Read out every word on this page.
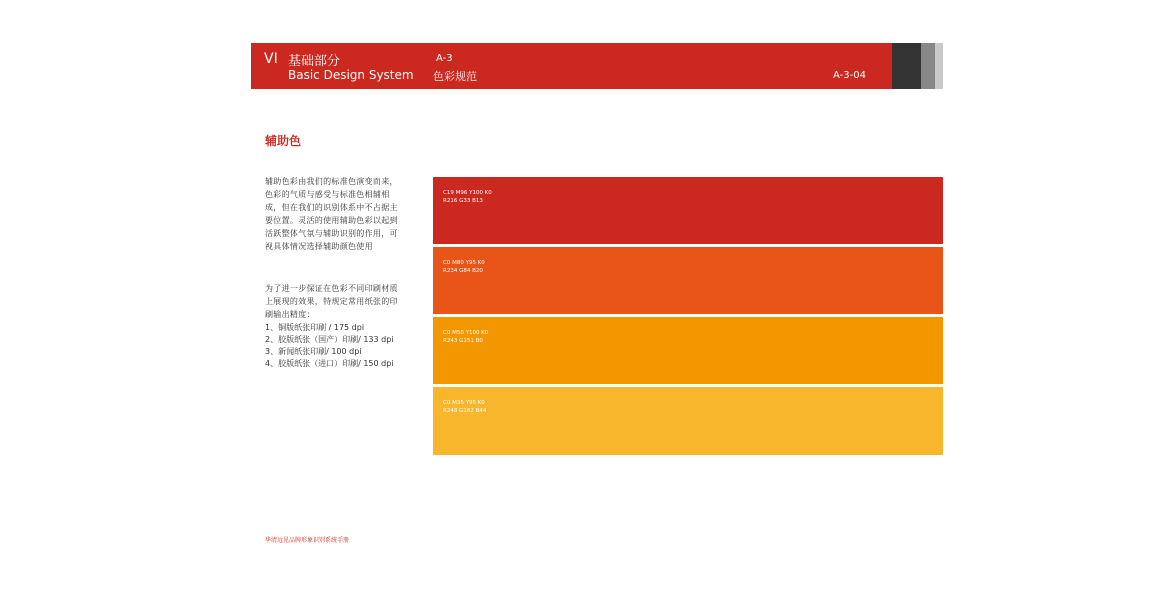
VI 基础部分
Basic Design System
A-3
色彩规范	A-3-04
辅助色

辅助色彩由我们的标准色演变而来，色彩的气质与感受与标准色相辅相成，但在我们的识别体系中不占据主要位置。灵活的使用辅助色彩以起到活跃整体气氛与辅助识别的作用，可视具体情况选择辅助颜色使用

为了进一步保证在色彩不同印刷材质上展现的效果，特规定常用纸张的印刷输出精度：

1、铜版纸张印刷 / 175 dpi
2、胶版纸张（国产）印刷/ 133 dpi
3、新闻纸张印刷/ 100 dpi
4、胶版纸张（进口）印刷/ 150 dpi
C19 M96 Y100 K0
R216 G33 B13
C0 M80 Y95 K0
R234 G84 B20
C0 M50 Y100 K0
R243 G151 B0
C0 M35 Y95 K0
R248 G182 B44
华清远见品牌形象识别系统手册
